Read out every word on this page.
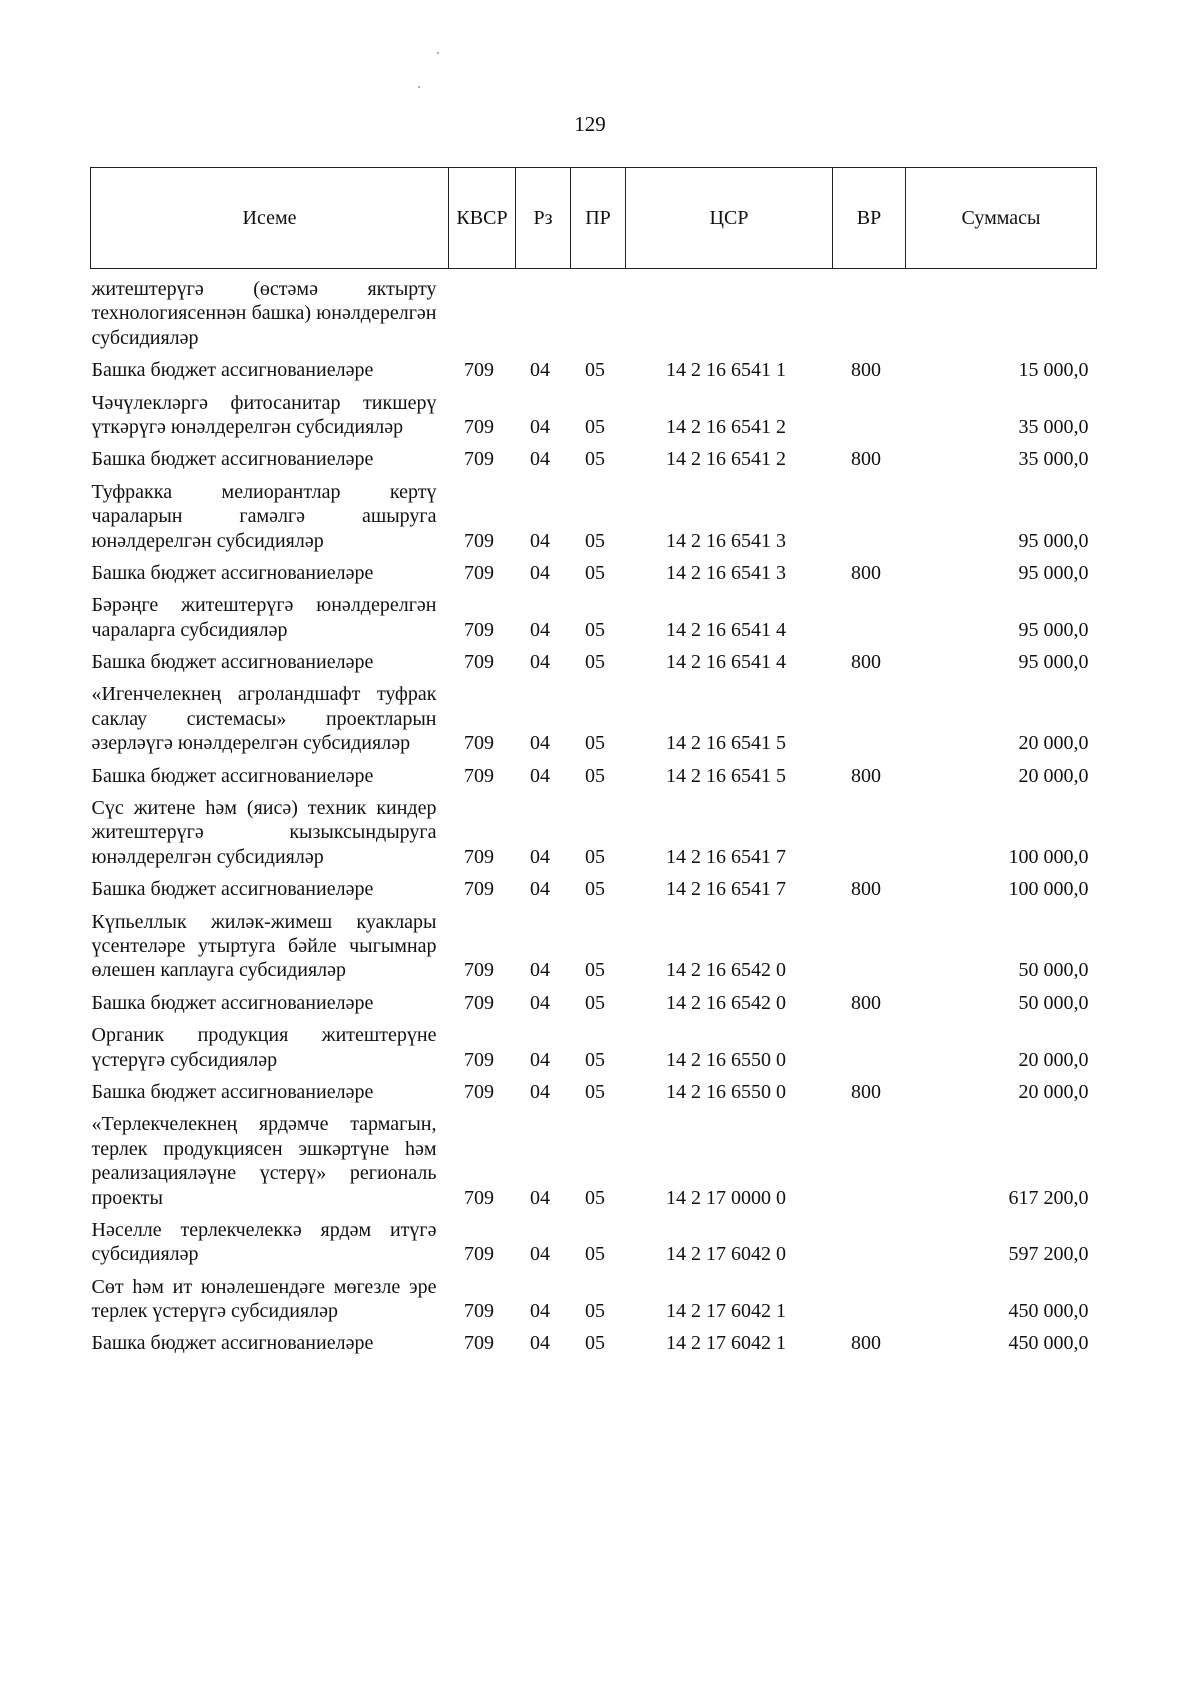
129
Исеме	КВСР	Рз	ПР	ЦСР	ВР	Суммасы
житештерүгә (өстәмә яктырту технологиясеннән башка) юнәлдерелгән субсидияләр						
Башка бюджет ассигнованиеләре	709	04	05	14 2 16 6541 1	800	15 000,0
Чәчүлекләргә фитосанитар тикшерү үткәрүгә юнәлдерелгән субсидияләр	709	04	05	14 2 16 6541 2		35 000,0
Башка бюджет ассигнованиеләре	709	04	05	14 2 16 6541 2	800	35 000,0
Туфракка мелиорантлар кертү чараларын гамәлгә ашыруга юнәлдерелгән субсидияләр	709	04	05	14 2 16 6541 3		95 000,0
Башка бюджет ассигнованиеләре	709	04	05	14 2 16 6541 3	800	95 000,0
Бәрәңге житештерүгә юнәлдерелгән чараларга субсидияләр	709	04	05	14 2 16 6541 4		95 000,0
Башка бюджет ассигнованиеләре	709	04	05	14 2 16 6541 4	800	95 000,0
«Игенчелекнең агроландшафт туфрак саклау системасы» проектларын әзерләүгә юнәлдерелгән субсидияләр	709	04	05	14 2 16 6541 5		20 000,0
Башка бюджет ассигнованиеләре	709	04	05	14 2 16 6541 5	800	20 000,0
Сүс житене һәм (яисә) техник киндер житештерүгә кызыксындыруга юнәлдерелгән субсидияләр	709	04	05	14 2 16 6541 7		100 000,0
Башка бюджет ассигнованиеләре	709	04	05	14 2 16 6541 7	800	100 000,0
Күпьеллык жиләк-жимеш куаклары үсентеләре утыртуга бәйле чыгымнар өлешен каплауга субсидияләр	709	04	05	14 2 16 6542 0		50 000,0
Башка бюджет ассигнованиеләре	709	04	05	14 2 16 6542 0	800	50 000,0
Органик продукция житештерүне үстерүгә субсидияләр	709	04	05	14 2 16 6550 0		20 000,0
Башка бюджет ассигнованиеләре	709	04	05	14 2 16 6550 0	800	20 000,0
«Терлекчелекнең ярдәмче тармагын, терлек продукциясен эшкәртүне һәм реализацияләүне үстерү» региональ проекты	709	04	05	14 2 17 0000 0		617 200,0
Нәселле терлекчелеккә ярдәм итүгә субсидияләр	709	04	05	14 2 17 6042 0		597 200,0
Сөт һәм ит юнәлешендәге мөгезле эре терлек үстерүгә субсидияләр	709	04	05	14 2 17 6042 1		450 000,0
Башка бюджет ассигнованиеләре	709	04	05	14 2 17 6042 1	800	450 000,0
